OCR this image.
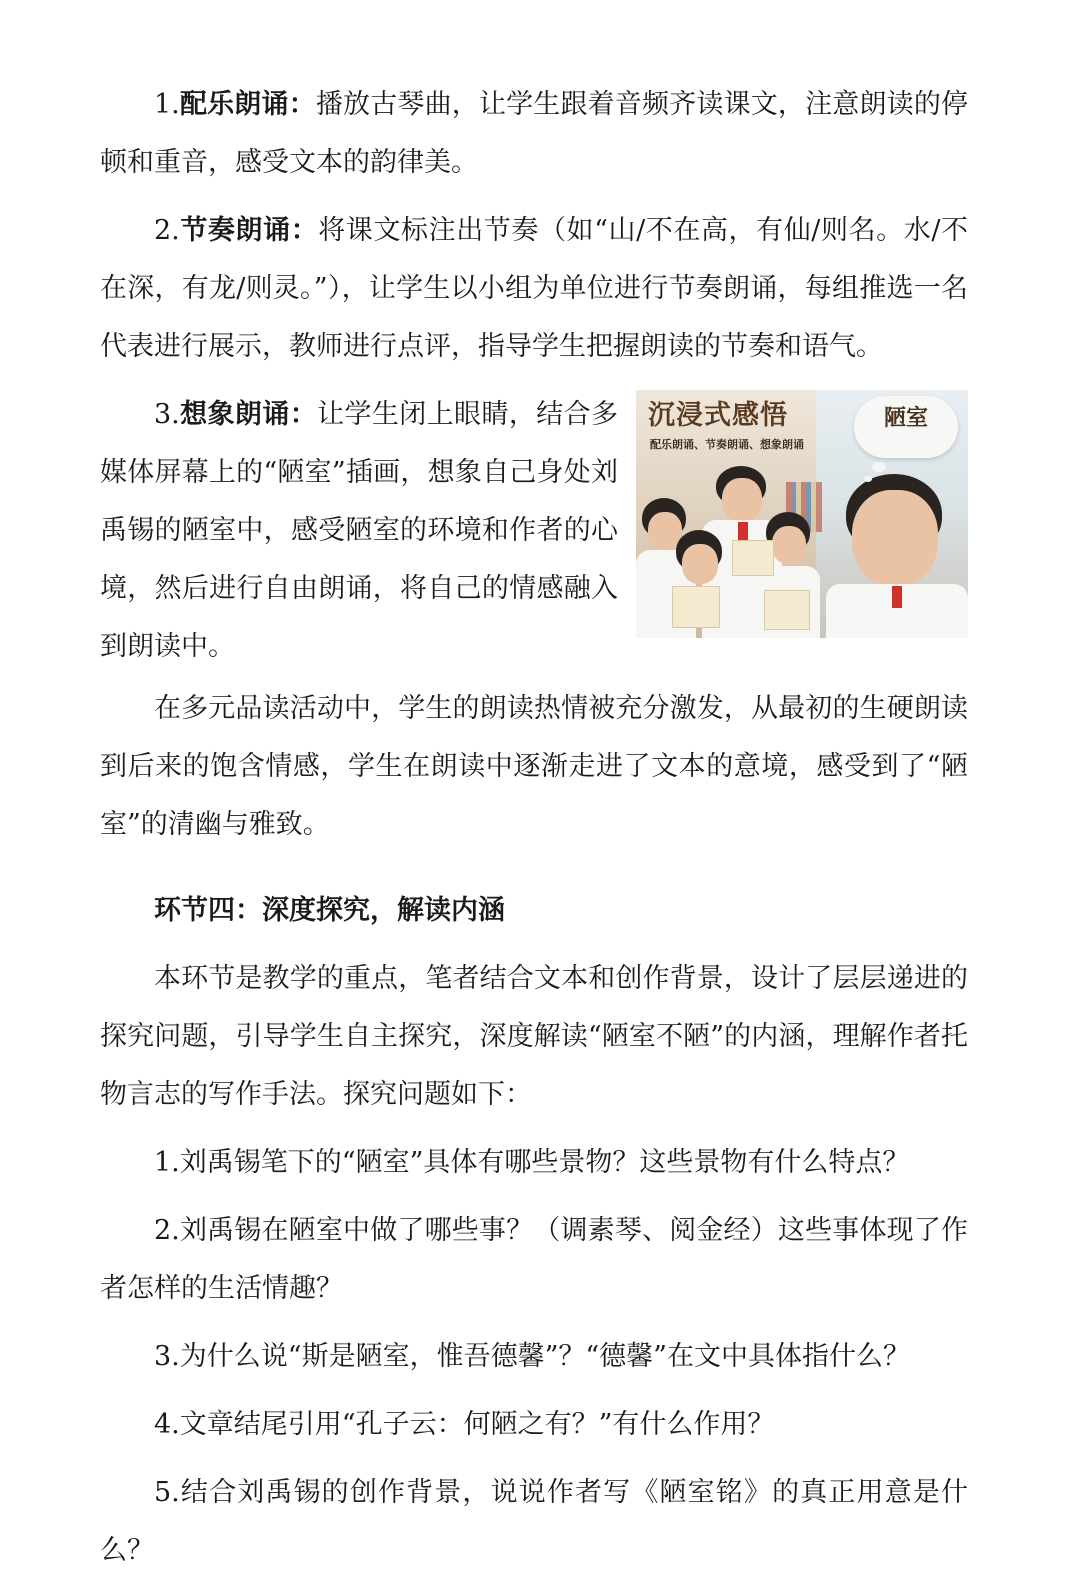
1.配乐朗诵：播放古琴曲，让学生跟着音频齐读课文，注意朗读的停顿和重音，感受文本的韵律美。

2.节奏朗诵：将课文标注出节奏（如“山/不在高，有仙/则名。水/不在深，有龙/则灵。”），让学生以小组为单位进行节奏朗诵，每组推选一名代表进行展示，教师进行点评，指导学生把握朗读的节奏和语气。

沉浸式感悟
配乐朗诵、节奏朗诵、想象朗诵
陋室

3.想象朗诵：让学生闭上眼睛，结合多媒体屏幕上的“陋室”插画，想象自己身处刘禹锡的陋室中，感受陋室的环境和作者的心境，然后进行自由朗诵，将自己的情感融入到朗读中。

在多元品读活动中，学生的朗读热情被充分激发，从最初的生硬朗读到后来的饱含情感，学生在朗读中逐渐走进了文本的意境，感受到了“陋室”的清幽与雅致。

环节四：深度探究，解读内涵

本环节是教学的重点，笔者结合文本和创作背景，设计了层层递进的探究问题，引导学生自主探究，深度解读“陋室不陋”的内涵，理解作者托物言志的写作手法。探究问题如下：

1.刘禹锡笔下的“陋室”具体有哪些景物？这些景物有什么特点？

2.刘禹锡在陋室中做了哪些事？（调素琴、阅金经）这些事体现了作者怎样的生活情趣？

3.为什么说“斯是陋室，惟吾德馨”？“德馨”在文中具体指什么？

4.文章结尾引用“孔子云：何陋之有？”有什么作用？

5.结合刘禹锡的创作背景，说说作者写《陋室铭》的真正用意是什么？
